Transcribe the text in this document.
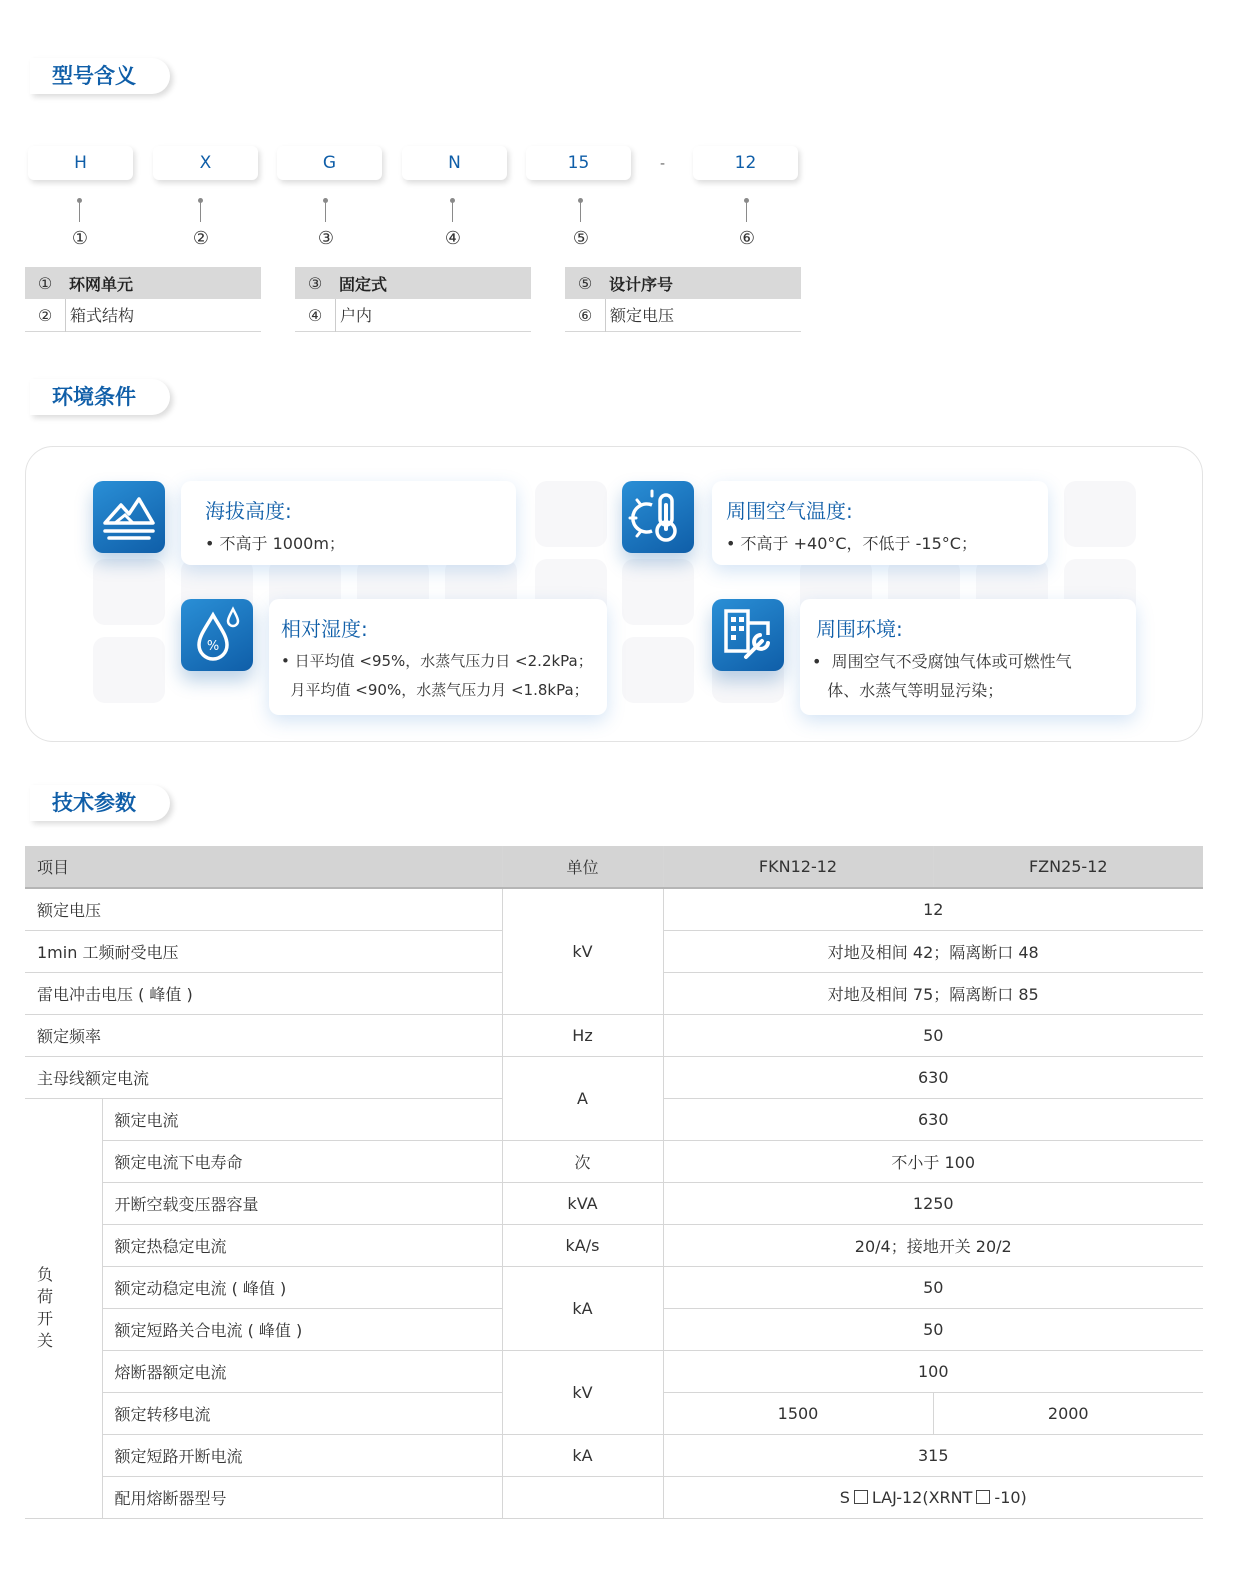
型号含义
H	X	G	N	15	-	12
①	②	③	④	⑤	⑥
①	环网单元
②	箱式结构
③	固定式
④	户内
⑤	设计序号
⑥	额定电压
环境条件
%
海拔高度:
• 不高于 1000m；
周围空气温度:
• 不高于 +40°C，不低于 -15°C；
相对湿度:
• 日平均值 <95%，水蒸气压力日 <2.2kPa；
月平均值 <90%，水蒸气压力月 <1.8kPa；
周围环境:
•  周围空气不受腐蚀气体或可燃性气
体、水蒸气等明显污染；
技术参数
项目		单位	FKN12-12	FZN25-12
额定电压		kV	12	
1min 工频耐受电压			对地及相间 42；隔离断口 48	
雷电冲击电压 ( 峰值 )			对地及相间 75；隔离断口 85	
额定频率		Hz	50	
主母线额定电流		A	630	
负荷开关	额定电流		630	
	额定电流下电寿命	次	不小于 100	
	开断空载变压器容量	kVA	1250	
	额定热稳定电流	kA/s	20/4；接地开关 20/2	
	额定动稳定电流 ( 峰值 )	kA	50	
	额定短路关合电流 ( 峰值 )		50	
	熔断器额定电流	kV	100	
	额定转移电流		1500	2000
	额定短路开断电流	kA	315	
	配用熔断器型号		S LAJ-12(XRNT -10)	
